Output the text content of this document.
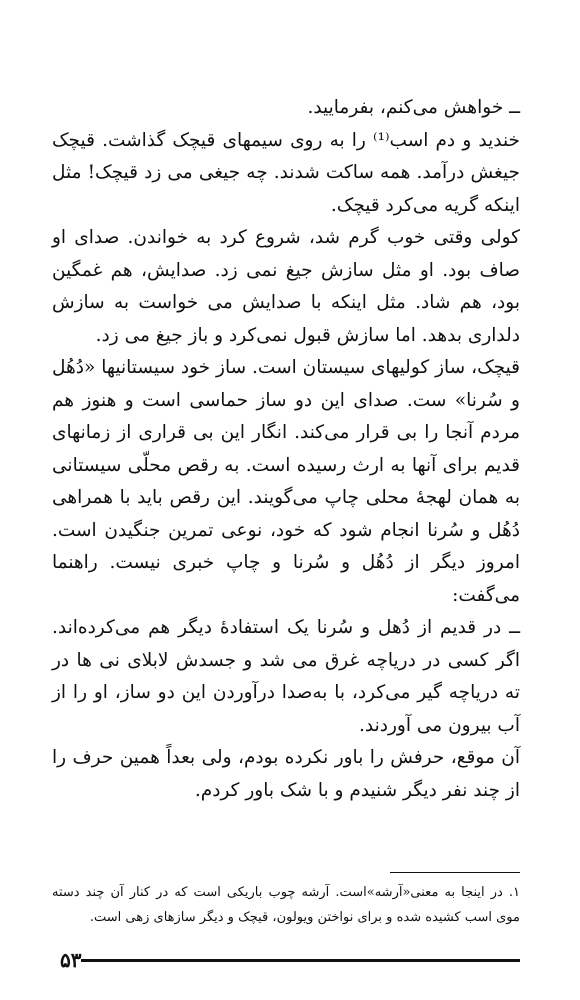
ــ خواهش می‌کنم، بفرمایید.

خندید و دم اسب⁽¹⁾ را به روی سیمهای قیچک گذاشت. قیچک جیغش درآمد. همه ساکت شدند. چه جیغی می زد قیچک! مثل اینکه گریه می‌کرد قیچک.

کولی وقتی خوب گرم شد، شروع کرد به خواندن. صدای او صاف بود. او مثل سازش جیغ نمی زد. صدایش، هم غمگین بود، هم شاد. مثل اینکه با صدایش می خواست به سازش دلداری بدهد. اما سازش قبول نمی‌کرد و باز جیغ می زد.

قیچک، ساز کولیهای سیستان است. ساز خود سیستانیها «دُهُل و سُرنا» ست. صدای این دو ساز حماسی است و هنوز هم مردم آنجا را بی قرار می‌کند. انگار این بی قراری از زمانهای قدیم برای آنها به ارث رسیده است. به رقص محلّی سیستانی به همان لهجهٔ محلی چاپ می‌گویند. این رقص باید با همراهی دُهُل و سُرنا انجام شود که خود، نوعی تمرین جنگیدن است. امروز دیگر از دُهُل و سُرنا و چاپ خبری نیست. راهنما می‌گفت:

ــ در قدیم از دُهل و سُرنا یک استفادهٔ دیگر هم می‌کرده‌اند. اگر کسی در دریاچه غرق می شد و جسدش لابلای نی ها در ته دریاچه گیر می‌کرد، با به‌صدا درآوردن این دو ساز، او را از آب بیرون می آوردند.

آن موقع، حرفش را باور نکرده بودم، ولی بعداً همین حرف را از چند نفر دیگر شنیدم و با شک باور کردم.

۱. در اینجا به معنی«آرشه»است. آرشه چوب باریکی است که در کنار آن چند دسته موی اسب کشیده شده و برای نواختن ویولون، قیچک و دیگر سازهای زهی است.

۵۳
